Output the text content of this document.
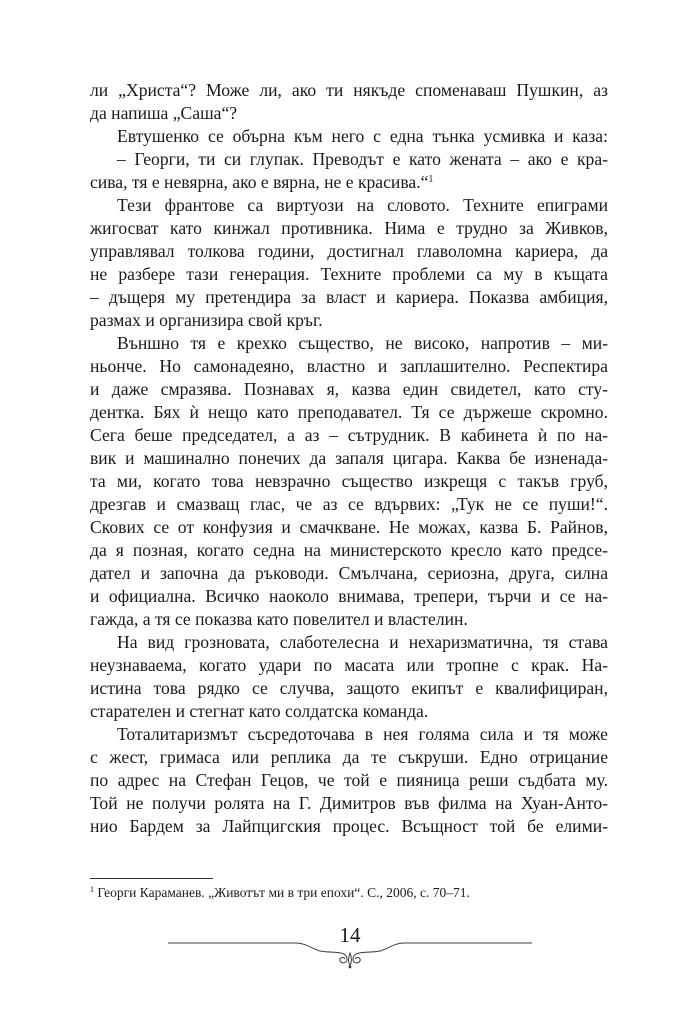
ли „Христа“? Може ли, ако ти някъде споменаваш Пушкин, аз
да напиша „Саша“?
Евтушенко се обърна към него с една тънка усмивка и каза:
– Георги, ти си глупак. Преводът е като жената – ако е кра-
сива, тя е невярна, ако е вярна, не е красива.“$^1$
Тези франтове са виртуози на словото. Техните епиграми
жигосват като кинжал противника. Нима е трудно за Живков,
управлявал толкова години, достигнал главоломна кариера, да
не разбере тази генерация. Техните проблеми са му в къщата
– дъщеря му претендира за власт и кариера. Показва амбиция,
размах и организира свой кръг.
Външно тя е крехко същество, не високо, напротив – ми-
ньонче. Но самонадеяно, властно и заплашително. Респектира
и даже смразява. Познавах я, казва един свидетел, като сту-
дентка. Бях ѝ нещо като преподавател. Тя се държеше скромно.
Сега беше председател, а аз – сътрудник. В кабинета ѝ по на-
вик и машинално понечих да запаля цигара. Каква бе изненада-
та ми, когато това невзрачно същество изкрещя с такъв груб,
дрезгав и смазващ глас, че аз се вдървих: „Тук не се пуши!“.
Скових се от конфузия и смачкване. Не можах, казва Б. Райнов,
да я позная, когато седна на министерското кресло като предсе-
дател и започна да ръководи. Смълчана, сериозна, друга, силна
и официална. Всичко наоколо внимава, трепери, търчи и се на-
гажда, а тя се показва като повелител и властелин.
На вид грозновата, слаботелесна и нехаризматична, тя става
неузнаваема, когато удари по масата или тропне с крак. На-
истина това рядко се случва, защото екипът е квалифициран,
старателен и стегнат като солдатска команда.
Тоталитаризмът съсредоточава в нея голяма сила и тя може
с жест, гримаса или реплика да те съкруши. Едно отрицание
по адрес на Стефан Гецов, че той е пияница реши съдбата му.
Той не получи ролята на Г. Димитров във филма на Хуан-Анто-
нио Бардем за Лайпцигския процес. Всъщност той бе елими-
$^1$ Георги Караманев. „Животът ми в три епохи“. С., 2006, с. 70–71.
14
